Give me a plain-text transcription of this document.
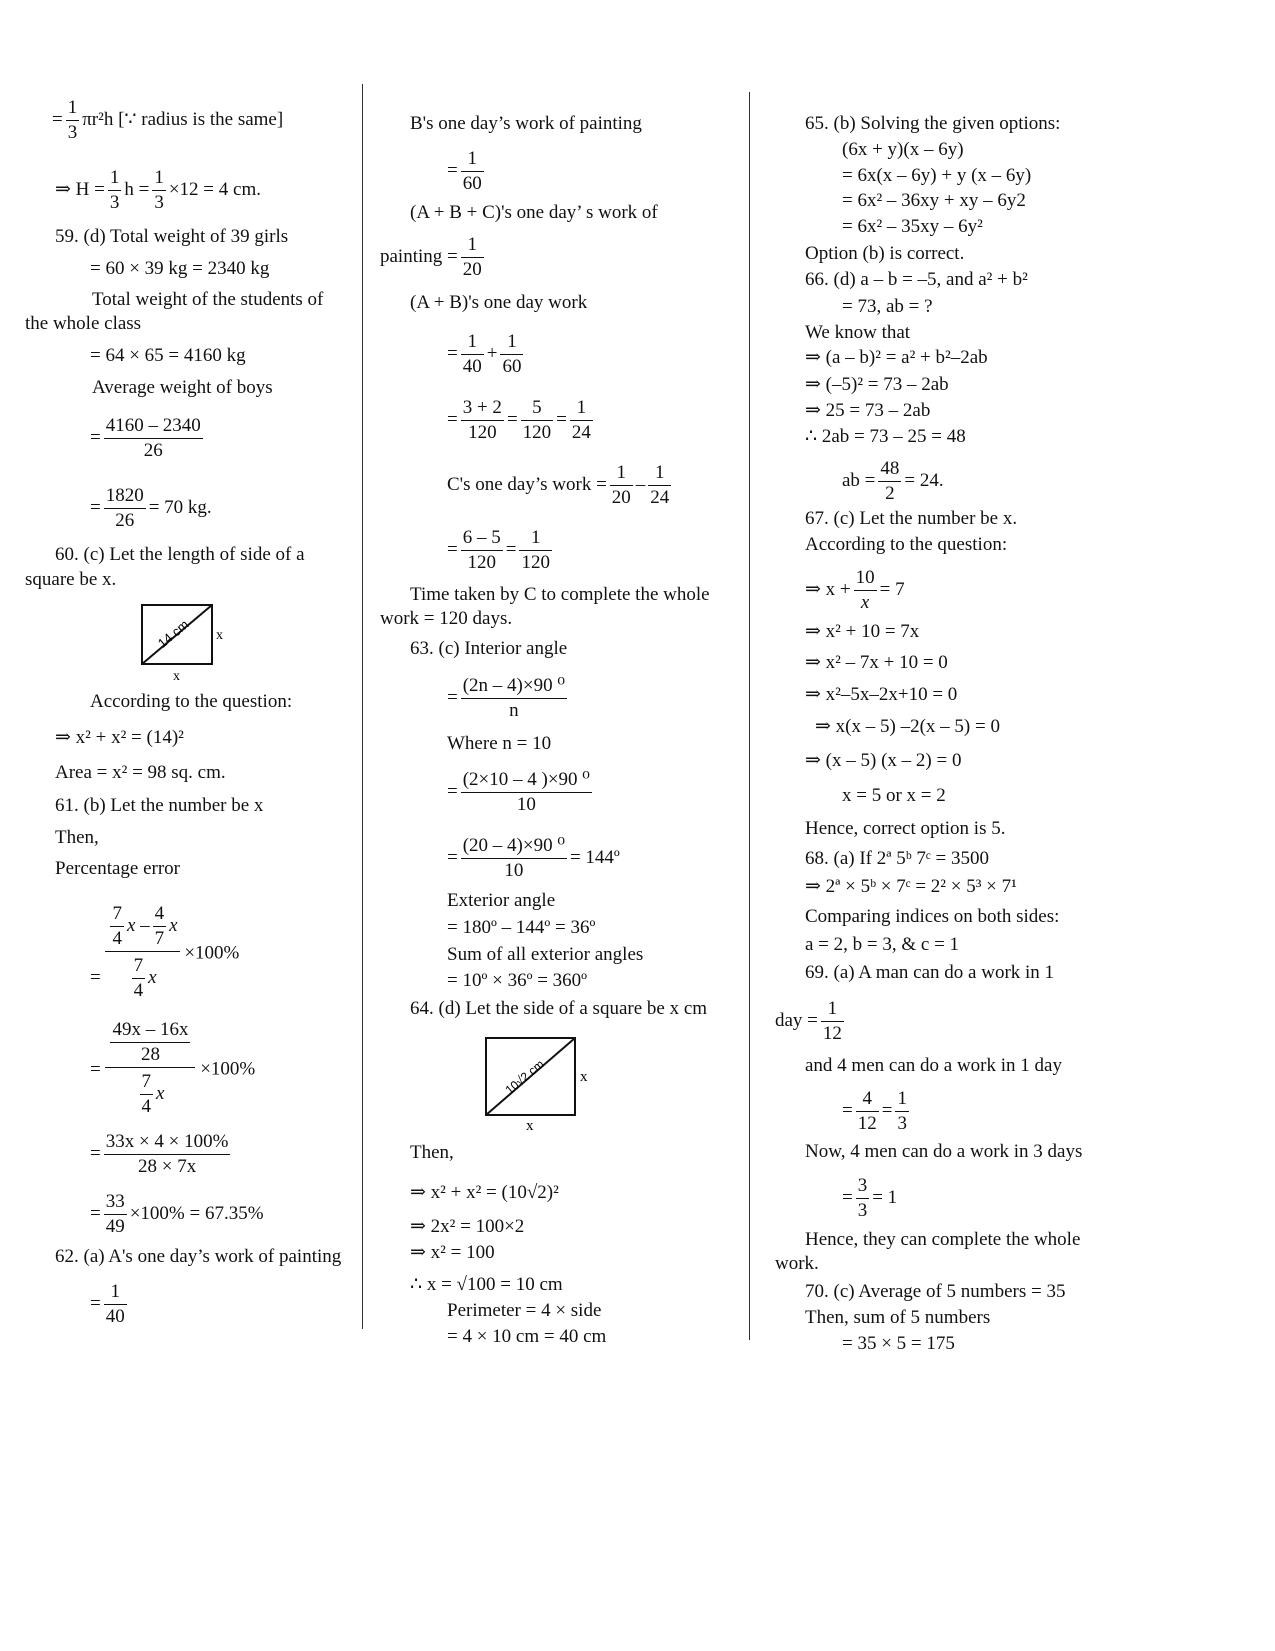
= $\frac{1}{3} \pi r^2h$ [∵ radius is the same]
⇒ $H = \frac{1}{3}$ $h = \frac{1}{3} \times 12 = 4$ cm.
59. (d) Total weight of 39 girls
= 60 × 39 kg = 2340 kg
Total weight of the students of
the whole class
= 64 × 65 = 4160 kg
Average weight of boys
= $\frac{4160 - 2340}{26}$
= $\frac{1820}{26} = 70$ kg.
60. (c) Let the length of side of a
square be x.
14 cm x
x
According to the question:
⇒ x² + x² = (14)²
Area = x² = 98 sq. cm.
61. (b) Let the number be x
Then,
Percentage error
= $\frac{\frac{7}{4} x - \frac{4}{7} x}{\frac{7}{4} x} \times 100\%$
= $\frac{\frac{49x - 16x}{28}}{\frac{7}{4} x} \times 100\%$
= $\frac{33x \times 4 \times 100\%}{28 \times 7x}$
= $\frac{33}{49} \times 100\% = 67.35\%$
62. (a) A's one day’s work of painting
= $\frac{1}{40}$
B's one day’s work of painting
= $\frac{1}{60}$
(A + B + C)'s one day’ s work of
painting = $\frac{1}{20}$
(A + B)'s one day work
= $\frac{1}{40} + \frac{1}{60}$
= $\frac{3 + 2}{120} = \frac{5}{120} = \frac{1}{24}$
C's one day’s work = $\frac{1}{20} - \frac{1}{24}$
= $\frac{6 - 5}{120} = \frac{1}{120}$
Time taken by C to complete the whole
work = 120 days.
63. (c) Interior angle
= $\frac{\text{(2n – 4)×90 ⁰}}{n}$
Where n = 10
= $\frac{\text{(2×10 – 4 )×90 ⁰}}{10}$
= $\frac{\text{(20 – 4)×90 ⁰}}{10}$ = 144º
Exterior angle
= 180º – 144º = 36º
Sum of all exterior angles
= 10º × 36º = 360º
64. (d) Let the side of a square be x cm
10√2 cm x
x
Then,
⇒ x² + x² = (10√2)²
⇒ 2x² = 100×2
⇒ x² = 100
∴ x = √100 = 10 cm
Perimeter = 4 × side
= 4 × 10 cm = 40 cm
65. (b) Solving the given options:
(6x + y)(x – 6y)
= 6x(x – 6y) + y (x – 6y)
= 6x² – 36xy + xy – 6y2
= 6x² – 35xy – 6y²
Option (b) is correct.
66. (d) a – b = –5, and a² + b²
= 73, ab = ?
We know that
⇒ (a – b)² = a² + b²–2ab
⇒ (–5)² = 73 – 2ab
⇒ 25 = 73 – 2ab
∴ 2ab = 73 – 25 = 48
ab = $\frac{48}{2} = 24$.
67. (c) Let the number be x.
According to the question:
⇒ $x + \frac{10}{x} = 7$
⇒ x² + 10 = 7x
⇒ x² – 7x + 10 = 0
⇒ x²–5x–2x+10 = 0
⇒ x(x – 5) –2(x – 5) = 0
⇒ (x – 5) (x – 2) = 0
x = 5 or x = 2
Hence, correct option is 5.
68. (a) If 2ª 5ᵇ 7ᶜ = 3500
⇒ 2ª × 5ᵇ × 7ᶜ = 2² × 5³ × 7¹
Comparing indices on both sides:
a = 2, b = 3, & c = 1
69. (a) A man can do a work in 1
day = $\frac{1}{12}$
and 4 men can do a work in 1 day
= $\frac{4}{12} = \frac{1}{3}$
Now, 4 men can do a work in 3 days
= $\frac{3}{3} = 1$
Hence, they can complete the whole
work.
70. (c) Average of 5 numbers = 35
Then, sum of 5 numbers
= 35 × 5 = 175
